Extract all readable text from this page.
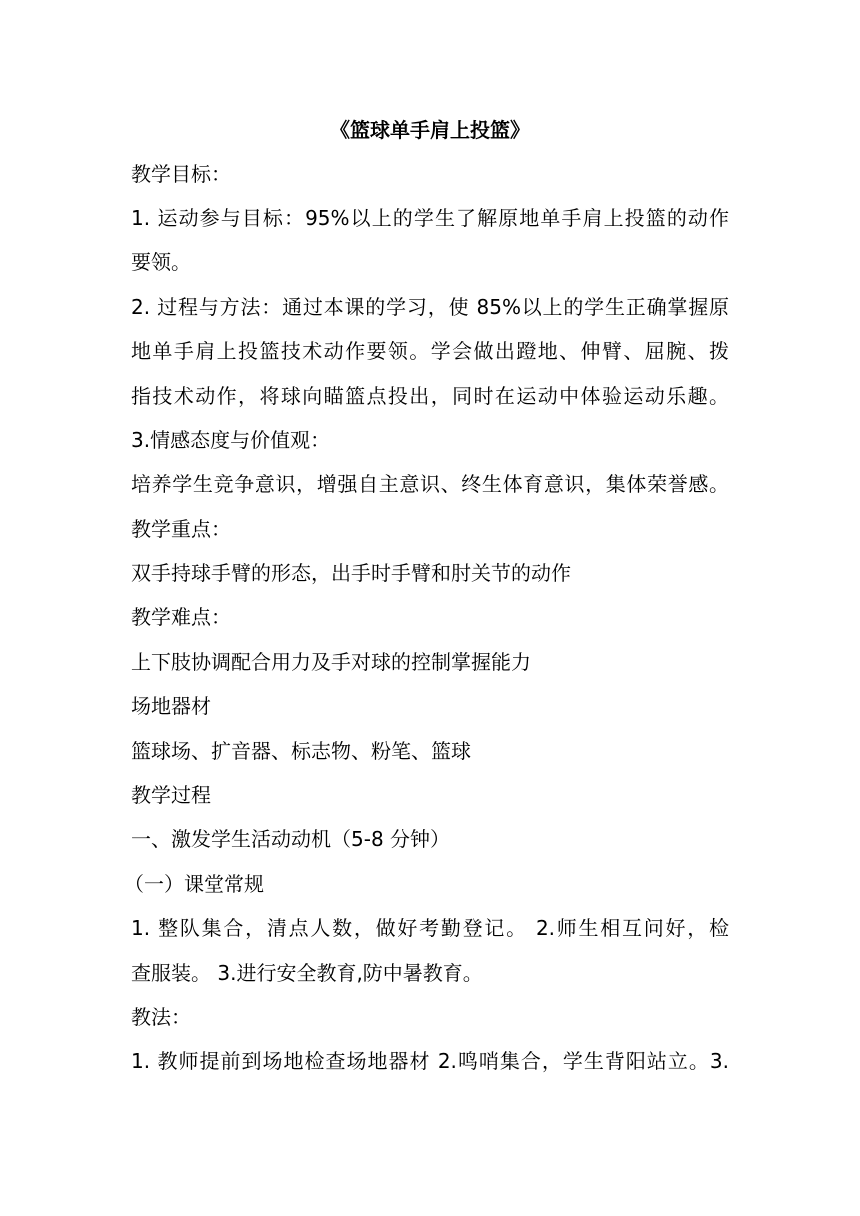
《篮球单手肩上投篮》
教学目标：
1. 运动参与目标：95%以上的学生了解原地单手肩上投篮的动作
要领。
2. 过程与方法：通过本课的学习，使 85%以上的学生正确掌握原
地单手肩上投篮技术动作要领。学会做出蹬地、伸臂、屈腕、拨
指技术动作，将球向瞄篮点投出，同时在运动中体验运动乐趣。
3.情感态度与价值观：
培养学生竞争意识，增强自主意识、终生体育意识，集体荣誉感。
教学重点：
双手持球手臂的形态，出手时手臂和肘关节的动作
教学难点：
上下肢协调配合用力及手对球的控制掌握能力
场地器材
篮球场、扩音器、标志物、粉笔、篮球
教学过程
一、激发学生活动动机（5-8 分钟）
（一）课堂常规
1. 整队集合，清点人数，做好考勤登记。 2.师生相互问好，检
查服装。 3.进行安全教育,防中暑教育。
教法：
1. 教师提前到场地检查场地器材 2.鸣哨集合，学生背阳站立。3.
